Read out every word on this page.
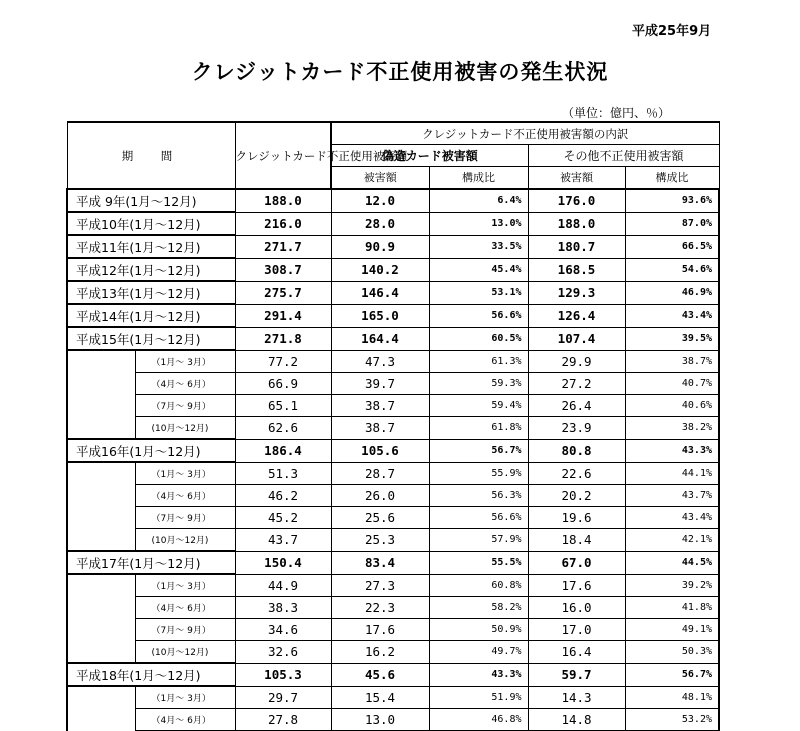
平成25年9月
クレジットカード不正使用被害の発生状況
（単位：億円、％）
期　間		クレジットカード不正使用被害額	クレジットカード不正使用被害額の内訳			
			偽造カード被害額		その他不正使用被害額	
			被害額	構成比	被害額	構成比
平成 9年(1月～12月)		188.0	12.0	6.4%	176.0	93.6%
平成10年(1月～12月)		216.0	28.0	13.0%	188.0	87.0%
平成11年(1月～12月)		271.7	90.9	33.5%	180.7	66.5%
平成12年(1月～12月)		308.7	140.2	45.4%	168.5	54.6%
平成13年(1月～12月)		275.7	146.4	53.1%	129.3	46.9%
平成14年(1月～12月)		291.4	165.0	56.6%	126.4	43.4%
平成15年(1月～12月)		271.8	164.4	60.5%	107.4	39.5%
	（1月～ 3月）	77.2	47.3	61.3%	29.9	38.7%
	（4月～ 6月）	66.9	39.7	59.3%	27.2	40.7%
	（7月～ 9月）	65.1	38.7	59.4%	26.4	40.6%
	(10月～12月)	62.6	38.7	61.8%	23.9	38.2%
平成16年(1月～12月)		186.4	105.6	56.7%	80.8	43.3%
	（1月～ 3月）	51.3	28.7	55.9%	22.6	44.1%
	（4月～ 6月）	46.2	26.0	56.3%	20.2	43.7%
	（7月～ 9月）	45.2	25.6	56.6%	19.6	43.4%
	(10月～12月)	43.7	25.3	57.9%	18.4	42.1%
平成17年(1月～12月)		150.4	83.4	55.5%	67.0	44.5%
	（1月～ 3月）	44.9	27.3	60.8%	17.6	39.2%
	（4月～ 6月）	38.3	22.3	58.2%	16.0	41.8%
	（7月～ 9月）	34.6	17.6	50.9%	17.0	49.1%
	(10月～12月)	32.6	16.2	49.7%	16.4	50.3%
平成18年(1月～12月)		105.3	45.6	43.3%	59.7	56.7%
	（1月～ 3月）	29.7	15.4	51.9%	14.3	48.1%
	（4月～ 6月）	27.8	13.0	46.8%	14.8	53.2%
